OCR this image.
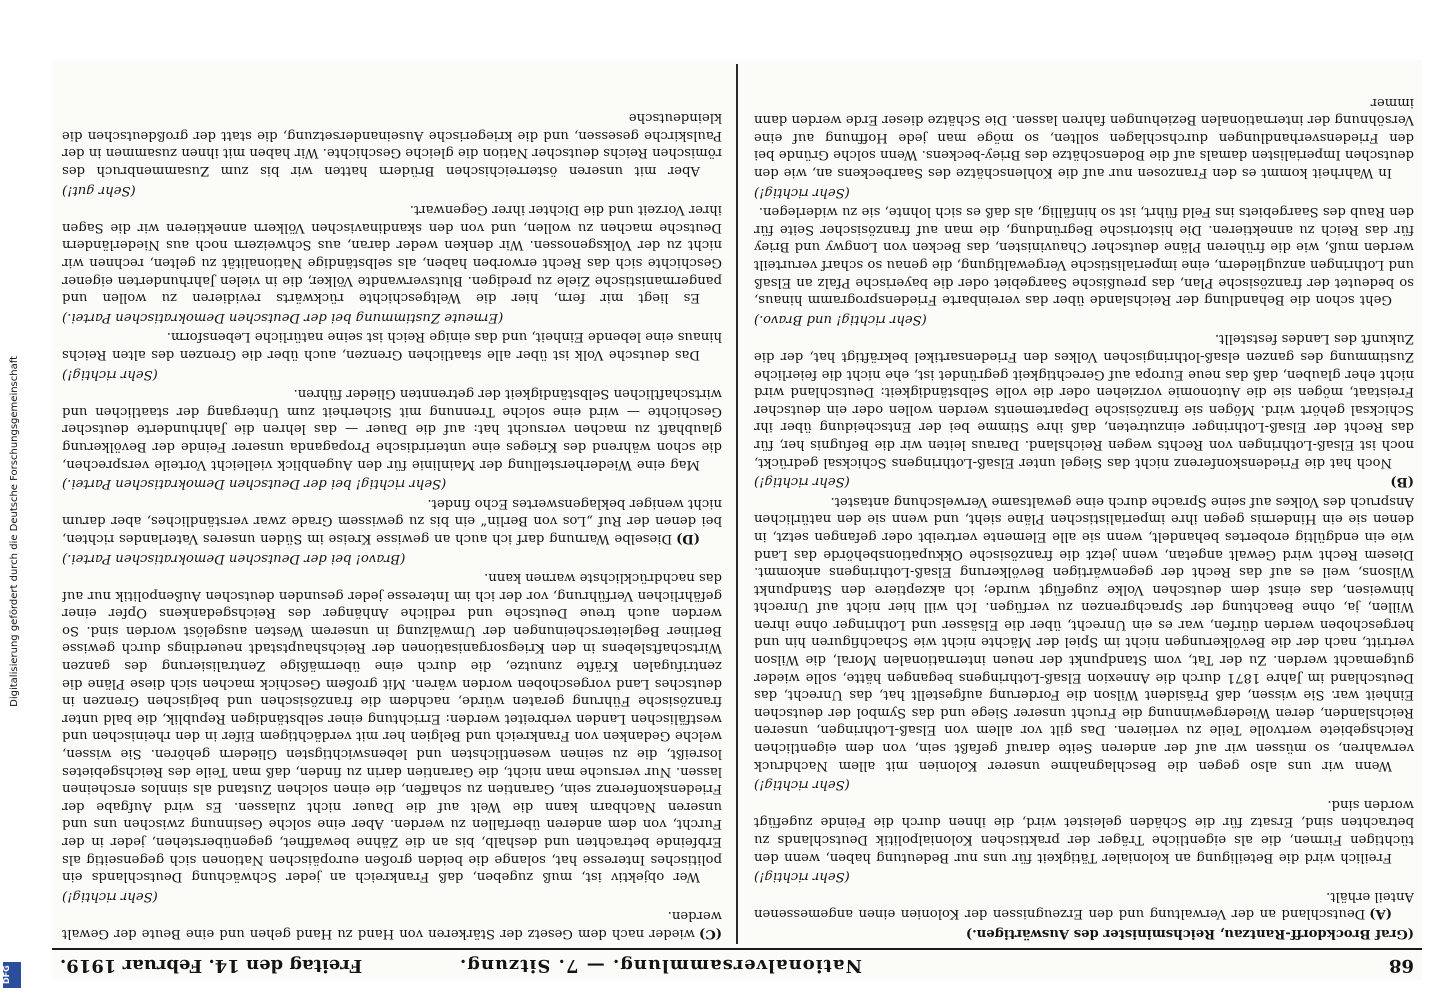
Digitalisierung gefördert durch die Deutsche Forschungsgemeinschaft
DFG	68
Nationalversammlung. — 7. Sitzung.
Freitag den 14. Februar 1919.

(Graf Brockdorff-Rantzau, Reichsminister des Auswärtigen.)

(A)Deutschland an der Verwaltung und den Erzeugnissen der Kolonien einen angemessenen Anteil erhält.

(Sehr richtig!)

Freilich wird die Beteiligung an kolonialer Tätigkeit für uns nur Bedeutung haben, wenn den tüchtigen Firmen, die als eigentliche Träger der praktischen Kolonialpolitik Deutschlands zu betrachten sind, Ersatz für die Schäden geleistet wird, die ihnen durch die Feinde zugefügt worden sind.

(Sehr richtig!)

Wenn wir uns also gegen die Beschlagnahme unserer Kolonien mit allem Nachdruck verwahren, so müssen wir auf der anderen Seite darauf gefaßt sein, von dem eigentlichen Reichsgebiete wertvolle Teile zu verlieren. Das gilt vor allem von Elsaß-Lothringen, unseren Reichslanden, deren Wiedergewinnung die Frucht unserer Siege und das Symbol der deutschen Einheit war. Sie wissen, daß Präsident Wilson die Forderung aufgestellt hat, das Unrecht, das Deutschland im Jahre 1871 durch die Annexion Elsaß-Lothringens begangen hätte, solle wieder gutgemacht werden. Zu der Tat, vom Standpunkt der neuen internationalen Moral, die Wilson vertritt, nach der die Bevölkerungen nicht im Spiel der Mächte nicht wie Schachfiguren hin und hergeschoben werden dürfen, war es ein Unrecht, über die Elsässer und Lothringer ohne ihren Willen, ja, ohne Beachtung der Sprachgrenzen zu verfügen. Ich will hier nicht auf Unrecht hinweisen, das einst dem deutschen Volke zugefügt wurde; ich akzeptiere den Standpunkt Wilsons, weil es auf das Recht der gegenwärtigen Bevölkerung Elsaß-Lothringens ankommt. Diesem Recht wird Gewalt angetan, wenn jetzt die französische Okkupationsbehörde das Land wie ein endgültig erobertes behandelt, wenn sie alle Elemente vertreibt oder gefangen setzt, in denen sie ein Hindernis gegen ihre imperialistischen Pläne sieht, und wenn sie den natürlichen Anspruch des Volkes auf seine Sprache durch eine gewaltsame Verwelschung antastet.

(B)
(Sehr richtig!)

Noch hat die Friedenskonferenz nicht das Siegel unter Elsaß-Lothringens Schicksal gedrückt, noch ist Elsaß-Lothringen von Rechts wegen Reichsland. Daraus leiten wir die Befugnis her, für das Recht der Elsaß-Lothringer einzutreten, daß ihre Stimme bei der Entscheidung über ihr Schicksal gehört wird. Mögen sie französische Departements werden wollen oder ein deutscher Freistaat, mögen sie die Autonomie vorziehen oder die volle Selbständigkeit: Deutschland wird nicht eher glauben, daß das neue Europa auf Gerechtigkeit gegründet ist, ehe nicht die feierliche Zustimmung des ganzen elsaß-lothringischen Volkes den Friedensartikel bekräftigt hat, der die Zukunft des Landes feststellt.

(Sehr richtig! und Bravo.)

Geht schon die Behandlung der Reichslande über das vereinbarte Friedensprogramm hinaus, so bedeutet der französische Plan, das preußische Saargebiet oder die bayerische Pfalz an Elsaß und Lothringen anzugliedern, eine imperialistische Vergewaltigung, die genau so scharf verurteilt werden muß, wie die früheren Pläne deutscher Chauvinisten, das Becken von Longwy und Briey für das Reich zu annektieren. Die historische Begründung, die man auf französischer Seite für den Raub des Saargebiets ins Feld führt, ist so hinfällig, als daß es sich lohnte, sie zu widerlegen.

(Sehr richtig!)

In Wahrheit kommt es den Franzosen nur auf die Kohlenschätze des Saarbeckens an, wie den deutschen Imperialisten damals auf die Bodenschätze des Briey-beckens. Wenn solche Gründe bei den Friedensverhandlungen durchschlagen sollten, so möge man jede Hoffnung auf eine Versöhnung der internationalen Beziehungen fahren lassen. Die Schätze dieser Erde werden dann immer

(C)wieder nach dem Gesetz der Stärkeren von Hand zu Hand gehen und eine Beute der Gewalt werden.

(Sehr richtig!)

Wer objektiv ist, muß zugeben, daß Frankreich an jeder Schwächung Deutschlands ein politisches Interesse hat, solange die beiden großen europäischen Nationen sich gegenseitig als Erbfeinde betrachten und deshalb, bis an die Zähne bewaffnet, gegenüberstehen, jeder in der Furcht, von dem anderen überfallen zu werden. Aber eine solche Gesinnung zwischen uns und unseren Nachbarn kann die Welt auf die Dauer nicht zulassen. Es wird Aufgabe der Friedenskonferenz sein, Garantien zu schaffen, die einen solchen Zustand als sinnlos erscheinen lassen. Nur versuche man nicht, die Garantien darin zu finden, daß man Teile des Reichsgebietes losreißt, die zu seinen wesentlichsten und lebenswichtigsten Gliedern gehören. Sie wissen, welche Gedanken von Frankreich und Belgien her mit verdächtigem Eifer in den rheinischen und westfälischen Landen verbreitet werden: Errichtung einer selbständigen Republik, die bald unter französische Führung geraten würde, nachdem die französischen und belgischen Grenzen in deutsches Land vorgeschoben worden wären. Mit großem Geschick machen sich diese Pläne die zentrifugalen Kräfte zunutze, die durch eine übermäßige Zentralisierung des ganzen Wirtschaftslebens in den Kriegsorganisationen der Reichshauptstadt neuerdings durch gewisse Berliner Begleiterscheinungen der Umwälzung in unserem Westen ausgelöst worden sind. So werden auch treue Deutsche und redliche Anhänger des Reichsgedankens Opfer einer gefährlichen Verführung, vor der ich im Interesse jeder gesunden deutschen Außenpolitik nur auf das nachdrücklichste warnen kann.

(Bravo! bei der Deutschen Demokratischen Partei.)

(D)Dieselbe Warnung darf ich auch an gewisse Kreise im Süden unseres Vaterlandes richten, bei denen der Ruf „Los von Berlin“ ein bis zu gewissem Grade zwar verständliches, aber darum nicht weniger beklagenswertes Echo findet.

(Sehr richtig! bei der Deutschen Demokratischen Partei.)

Mag eine Wiederherstellung der Mainlinie für den Augenblick vielleicht Vorteile versprechen, die schon während des Krieges eine unterirdische Propaganda unserer Feinde der Bevölkerung glaubhaft zu machen versucht hat: auf die Dauer — das lehren die Jahrhunderte deutscher Geschichte — wird eine solche Trennung mit Sicherheit zum Untergang der staatlichen und wirtschaftlichen Selbständigkeit der getrennten Glieder führen.

(Sehr richtig!)

Das deutsche Volk ist über alle staatlichen Grenzen, auch über die Grenzen des alten Reichs hinaus eine lebende Einheit, und das einige Reich ist seine natürliche Lebensform.

(Erneute Zustimmung bei der Deutschen Demokratischen Partei.)

Es liegt mir fern, hier die Weltgeschichte rückwärts revidieren zu wollen und pangermanistische Ziele zu predigen. Blutsverwandte Völker, die in vielen Jahrhunderten eigener Geschichte sich das Recht erworben haben, als selbständige Nationalität zu gelten, rechnen wir nicht zu der Volksgenossen. Wir denken weder daran, aus Schweizern noch aus Niederländern Deutsche machen zu wollen, und von den skandinavischen Völkern annektieren wir die Sagen ihrer Vorzeit und die Dichter ihrer Gegenwart.

(Sehr gut!)

Aber mit unseren österreichischen Brüdern hatten wir bis zum Zusammenbruch des römischen Reichs deutscher Nation die gleiche Geschichte. Wir haben mit ihnen zusammen in der Paulskirche gesessen, und die kriegerische Auseinandersetzung, die statt der großdeutschen die kleindeutsche
